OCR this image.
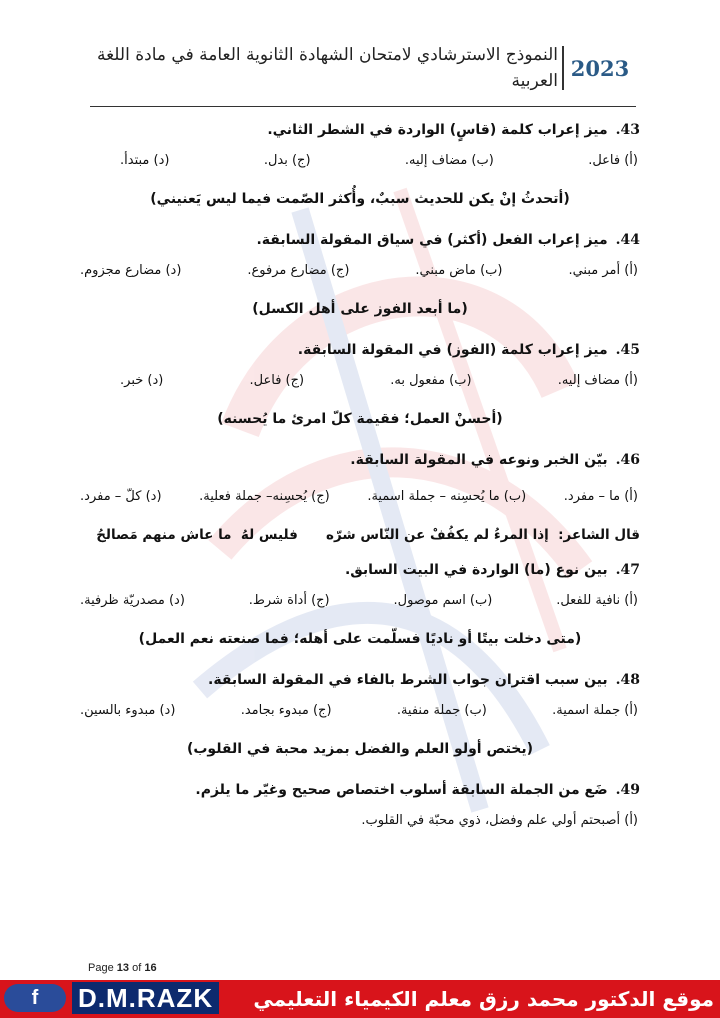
2023
النموذج الاسترشادي لامتحان الشهادة الثانوية العامة في مادة اللغة العربية
43.ميز إعراب كلمة (قاسٍ) الواردة في الشطر الثاني.
(أ) فاعل.
(ب) مضاف إليه.
(ج) بدل.
(د) مبتدأ.
(أتحدثُ إنْ يكن للحديث سببٌ، وأُكثر الصّمت فيما ليس يَعنيني)
44.ميز إعراب الفعل (أكثر) في سياق المقولة السابقة.
(أ) أمر مبني.
(ب) ماض مبني.
(ج) مضارع مرفوع.
(د) مضارع مجزوم.
(ما أبعد الفوز على أهل الكسل)
45.ميز إعراب كلمة (الفوز) في المقولة السابقة.
(أ) مضاف إليه.
(ب) مفعول به.
(ج) فاعل.
(د) خبر.
(أحسنْ العمل؛ فقيمة كلّ امرئ ما يُحسنه)
46.بيّن الخبر ونوعه في المقولة السابقة.
(أ) ما – مفرد.
(ب) ما يُحسِنه – جملة اسمية.
(ج) يُحسِنه– جملة فعلية.
(د) كلّ – مفرد.
قال الشاعر:  إذا المرءُ لم يكفُفْ عن النّاس شرّه      فليس لهُ  ما عاش منهم مَصالحُ
47.بين نوع (ما) الواردة في البيت السابق.
(أ) نافية للفعل.
(ب) اسم موصول.
(ج) أداة شرط.
(د) مصدريّة ظرفية.
(متى دخلت بيتًا أو ناديًا فسلّمت على أهله؛ فما صنعته نعم العمل)
48.بين سبب اقتران جواب الشرط بالفاء في المقولة السابقة.
(أ) جملة اسمية.
(ب) جملة منفية.
(ج) مبدوء بجامد.
(د) مبدوء بالسين.
(يختص أولو العلم والفضل بمزيد محبة في القلوب)
49.ضَع من الجملة السابقة أسلوب اختصاص صحيح وغيّر ما يلزم.
(أ) أصبحتم أولي علم وفضل، ذوي محبّة في القلوب.
Page 13 of 16
f	D.M.RAZK	موقع الدكتور محمد رزق معلم الكيمياء التعليمي
